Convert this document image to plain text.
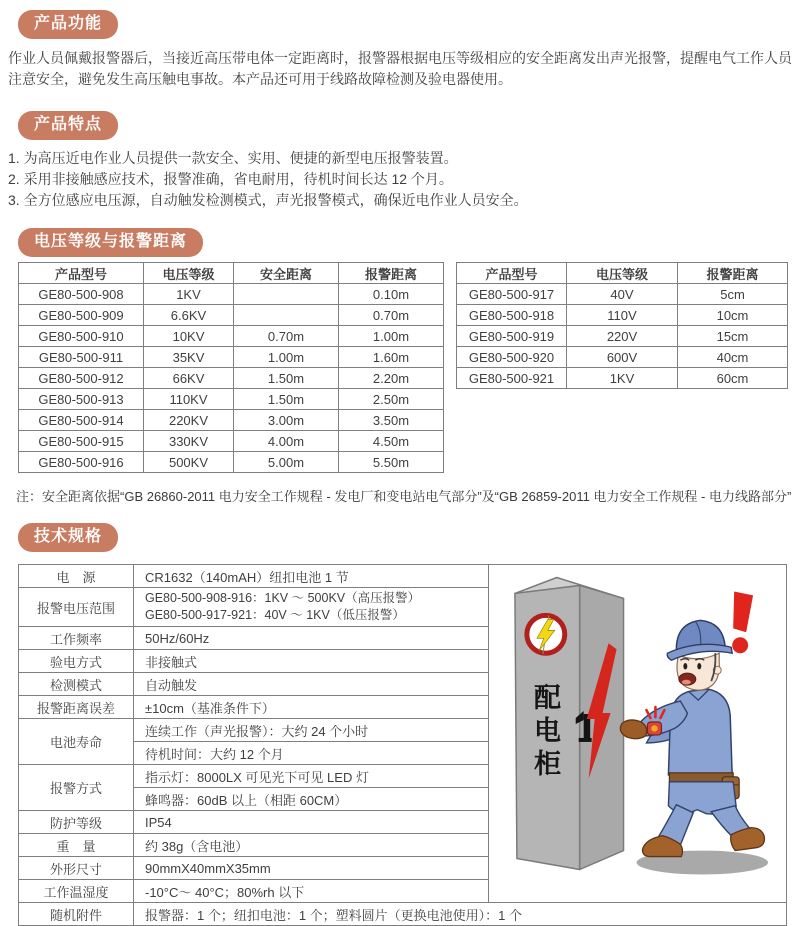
产品功能
作业人员佩戴报警器后，当接近高压带电体一定距离时，报警器根据电压等级相应的安全距离发出声光报警，提醒电气工作人员注意安全，避免发生高压触电事故。本产品还可用于线路故障检测及验电器使用。
产品特点
1. 为高压近电作业人员提供一款安全、实用、便捷的新型电压报警装置。
2. 采用非接触感应技术，报警准确，省电耐用，待机时间长达 12 个月。
3. 全方位感应电压源，自动触发检测模式，声光报警模式，确保近电作业人员安全。
电压等级与报警距离
产品型号	电压等级	安全距离	报警距离
GE80-500-908	1KV		0.10m
GE80-500-909	6.6KV		0.70m
GE80-500-910	10KV	0.70m	1.00m
GE80-500-911	35KV	1.00m	1.60m
GE80-500-912	66KV	1.50m	2.20m
GE80-500-913	110KV	1.50m	2.50m
GE80-500-914	220KV	3.00m	3.50m
GE80-500-915	330KV	4.00m	4.50m
GE80-500-916	500KV	5.00m	5.50m
产品型号	电压等级	报警距离
GE80-500-917	40V	5cm
GE80-500-918	110V	10cm
GE80-500-919	220V	15cm
GE80-500-920	600V	40cm
GE80-500-921	1KV	60cm
注：安全距离依据“GB 26860-2011 电力安全工作规程 - 发电厂和变电站电气部分”及“GB 26859-2011 电力安全工作规程 - 电力线路部分”
技术规格
电　源	CR1632（140mAH）纽扣电池 1 节	配电柜

报警电压范围	GE80-500-908-916：1KV ～ 500KV（高压报警）
GE80-500-917-921：40V ～ 1KV（低压报警）	

工作频率	50Hz/60Hz	
验电方式	非接触式	
检测模式	自动触发	
报警距离误差	±10cm（基准条件下）	
电池寿命	连续工作（声光报警）：大约 24 个小时	
	待机时间：大约 12 个月	
报警方式	指示灯：8000LX 可见光下可见 LED 灯	
	蜂鸣器：60dB 以上（相距 60CM）	
防护等级	IP54	
重　量	约 38g（含电池）	
外形尺寸	90mmX40mmX35mm	
工作温湿度	-10°C～ 40°C；80%rh 以下	
随机附件	报警器：1 个；纽扣电池：1 个；塑料圆片（更换电池使用）：1 个	
